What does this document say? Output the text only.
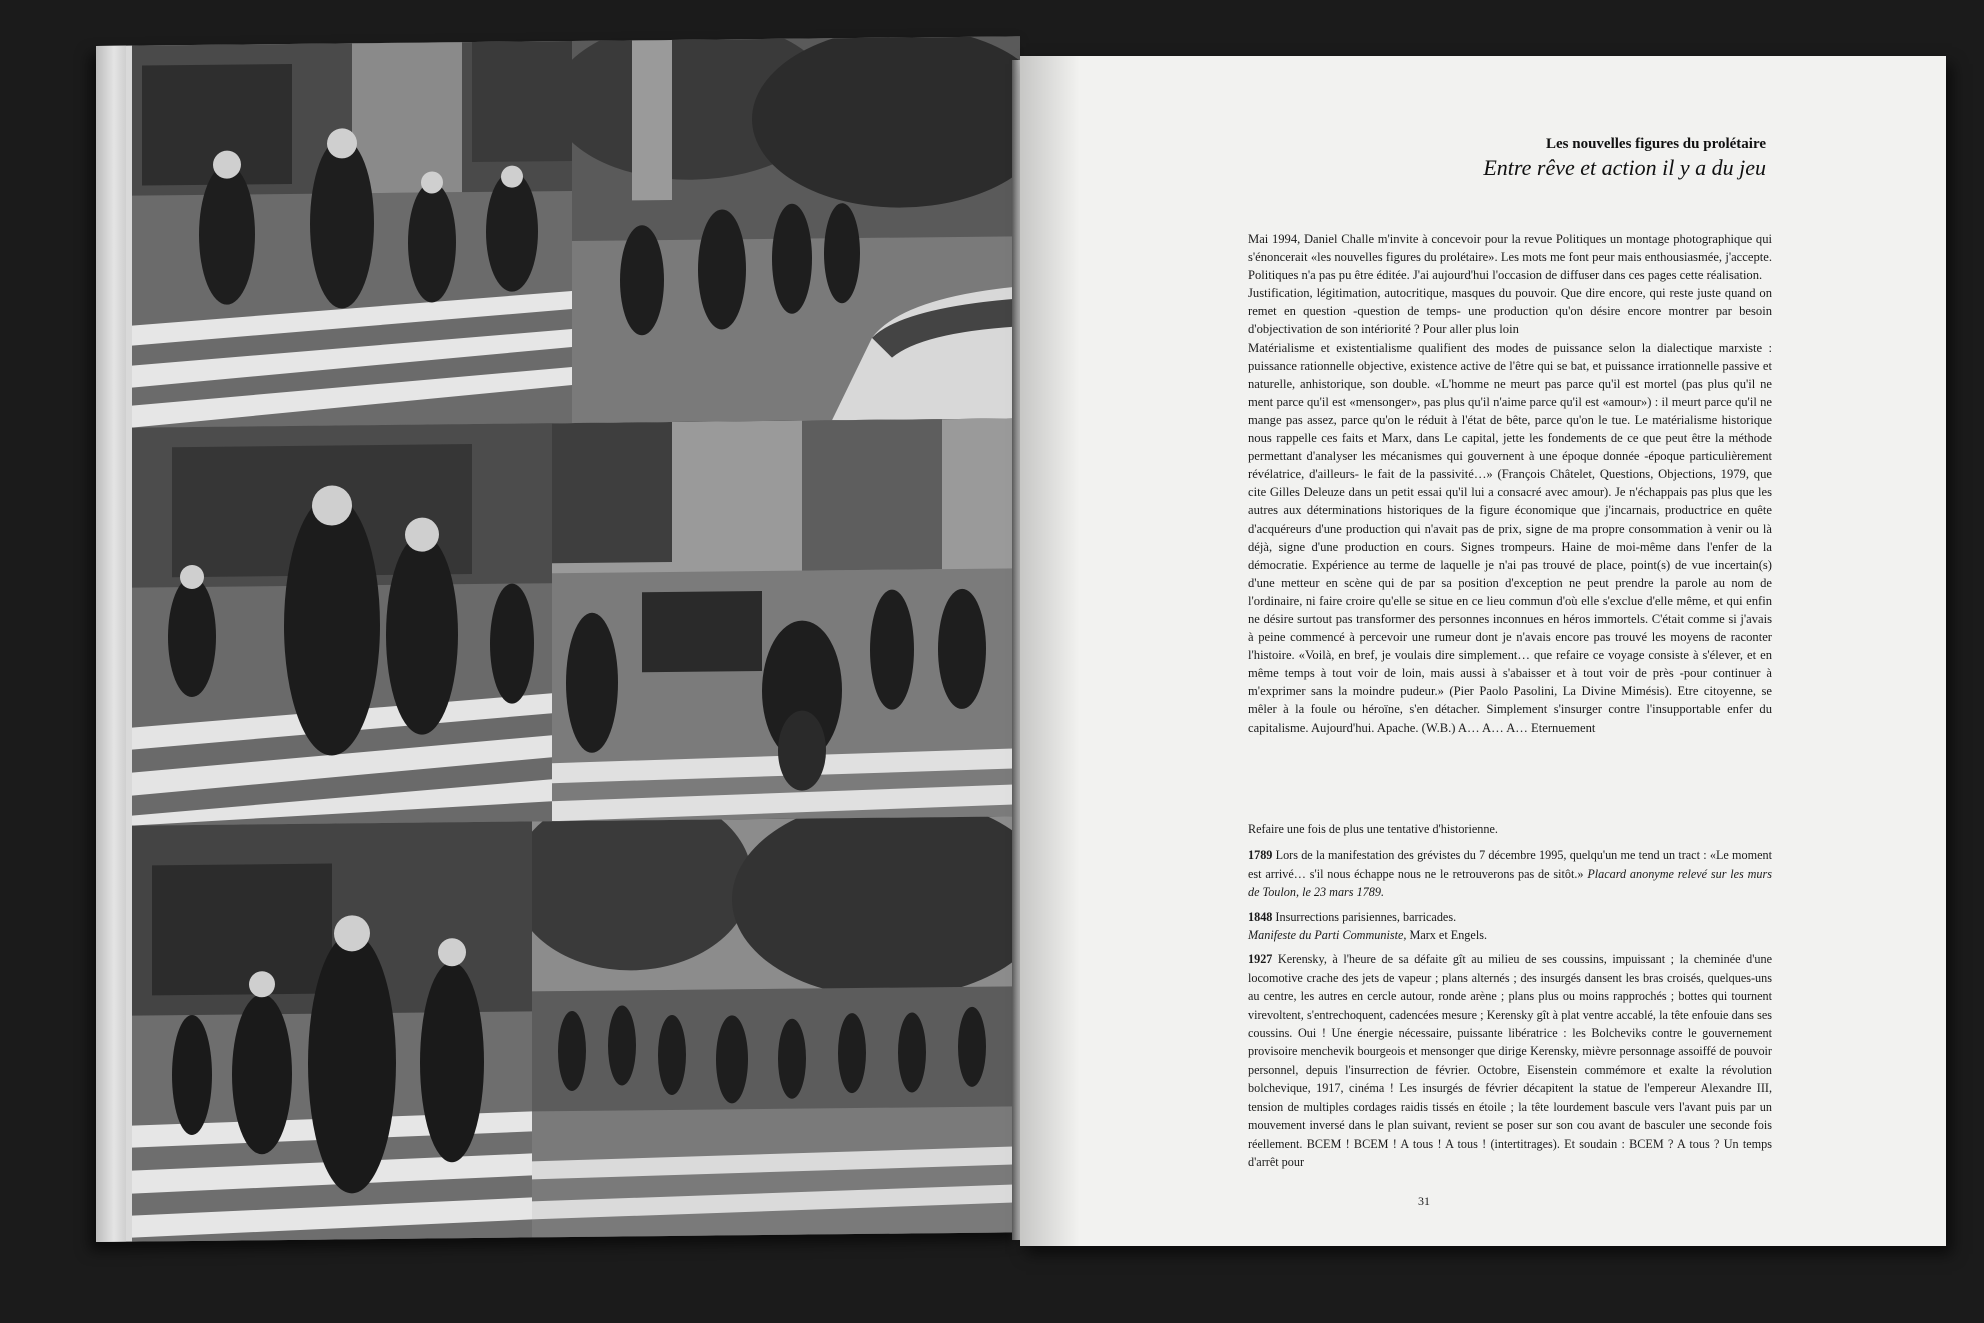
Les nouvelles figures du prolétaire
Entre rêve et action il y a du jeu

Mai 1994, Daniel Challe m'invite à concevoir pour la revue Politiques un montage photographique qui s'énoncerait «les nouvelles figures du prolétaire». Les mots me font peur mais enthousiasmée, j'accepte. Politiques n'a pas pu être éditée. J'ai aujourd'hui l'occasion de diffuser dans ces pages cette réalisation.

Justification, légitimation, autocritique, masques du pouvoir. Que dire encore, qui reste juste quand on remet en question -question de temps- une production qu'on désire encore montrer par besoin d'objectivation de son intériorité ? Pour aller plus loin

Matérialisme et existentialisme qualifient des modes de puissance selon la dialectique marxiste : puissance rationnelle objective, existence active de l'être qui se bat, et puissance irrationnelle passive et naturelle, anhistorique, son double. «L'homme ne meurt pas parce qu'il est mortel (pas plus qu'il ne ment parce qu'il est «mensonger», pas plus qu'il n'aime parce qu'il est «amour») : il meurt parce qu'il ne mange pas assez, parce qu'on le réduit à l'état de bête, parce qu'on le tue. Le matérialisme historique nous rappelle ces faits et Marx, dans Le capital, jette les fondements de ce que peut être la méthode permettant d'analyser les mécanismes qui gouvernent à une époque donnée -époque particulièrement révélatrice, d'ailleurs- le fait de la passivité…» (François Châtelet, Questions, Objections, 1979, que cite Gilles Deleuze dans un petit essai qu'il lui a consacré avec amour). Je n'échappais pas plus que les autres aux déterminations historiques de la figure économique que j'incarnais, productrice en quête d'acquéreurs d'une production qui n'avait pas de prix, signe de ma propre consommation à venir ou là déjà, signe d'une production en cours. Signes trompeurs. Haine de moi-même dans l'enfer de la démocratie. Expérience au terme de laquelle je n'ai pas trouvé de place, point(s) de vue incertain(s) d'une metteur en scène qui de par sa position d'exception ne peut prendre la parole au nom de l'ordinaire, ni faire croire qu'elle se situe en ce lieu commun d'où elle s'exclue d'elle même, et qui enfin ne désire surtout pas transformer des personnes inconnues en héros immortels. C'était comme si j'avais à peine commencé à percevoir une rumeur dont je n'avais encore pas trouvé les moyens de raconter l'histoire. «Voilà, en bref, je voulais dire simplement… que refaire ce voyage consiste à s'élever, et en même temps à tout voir de loin, mais aussi à s'abaisser et à tout voir de près -pour continuer à m'exprimer sans la moindre pudeur.» (Pier Paolo Pasolini, La Divine Mimésis). Etre citoyenne, se mêler à la foule ou héroïne, s'en détacher. Simplement s'insurger contre l'insupportable enfer du capitalisme. Aujourd'hui. Apache. (W.B.) A… A… A… Eternuement

Refaire une fois de plus une tentative d'historienne.

1789 Lors de la manifestation des grévistes du 7 décembre 1995, quelqu'un me tend un tract : «Le moment est arrivé… s'il nous échappe nous ne le retrouverons pas de sitôt.» Placard anonyme relevé sur les murs de Toulon, le 23 mars 1789.

1848 Insurrections parisiennes, barricades.
Manifeste du Parti Communiste, Marx et Engels.

1927 Kerensky, à l'heure de sa défaite gît au milieu de ses coussins, impuissant ; la cheminée d'une locomotive crache des jets de vapeur ; plans alternés ; des insurgés dansent les bras croisés, quelques-uns au centre, les autres en cercle autour, ronde arène ; plans plus ou moins rapprochés ; bottes qui tournent virevoltent, s'entrechoquent, cadencées mesure ; Kerensky gît à plat ventre accablé, la tête enfouie dans ses coussins. Oui ! Une énergie nécessaire, puissante libératrice : les Bolcheviks contre le gouvernement provisoire menchevik bourgeois et mensonger que dirige Kerensky, mièvre personnage assoiffé de pouvoir personnel, depuis l'insurrection de février. Octobre, Eisenstein commémore et exalte la révolution bolchevique, 1917, cinéma ! Les insurgés de février décapitent la statue de l'empereur Alexandre III, tension de multiples cordages raidis tissés en étoile ; la tête lourdement bascule vers l'avant puis par un mouvement inversé dans le plan suivant, revient se poser sur son cou avant de basculer une seconde fois réellement. BCEM ! BCEM ! A tous ! A tous ! (intertitrages). Et soudain : BCEM ? A tous ? Un temps d'arrêt pour

31
